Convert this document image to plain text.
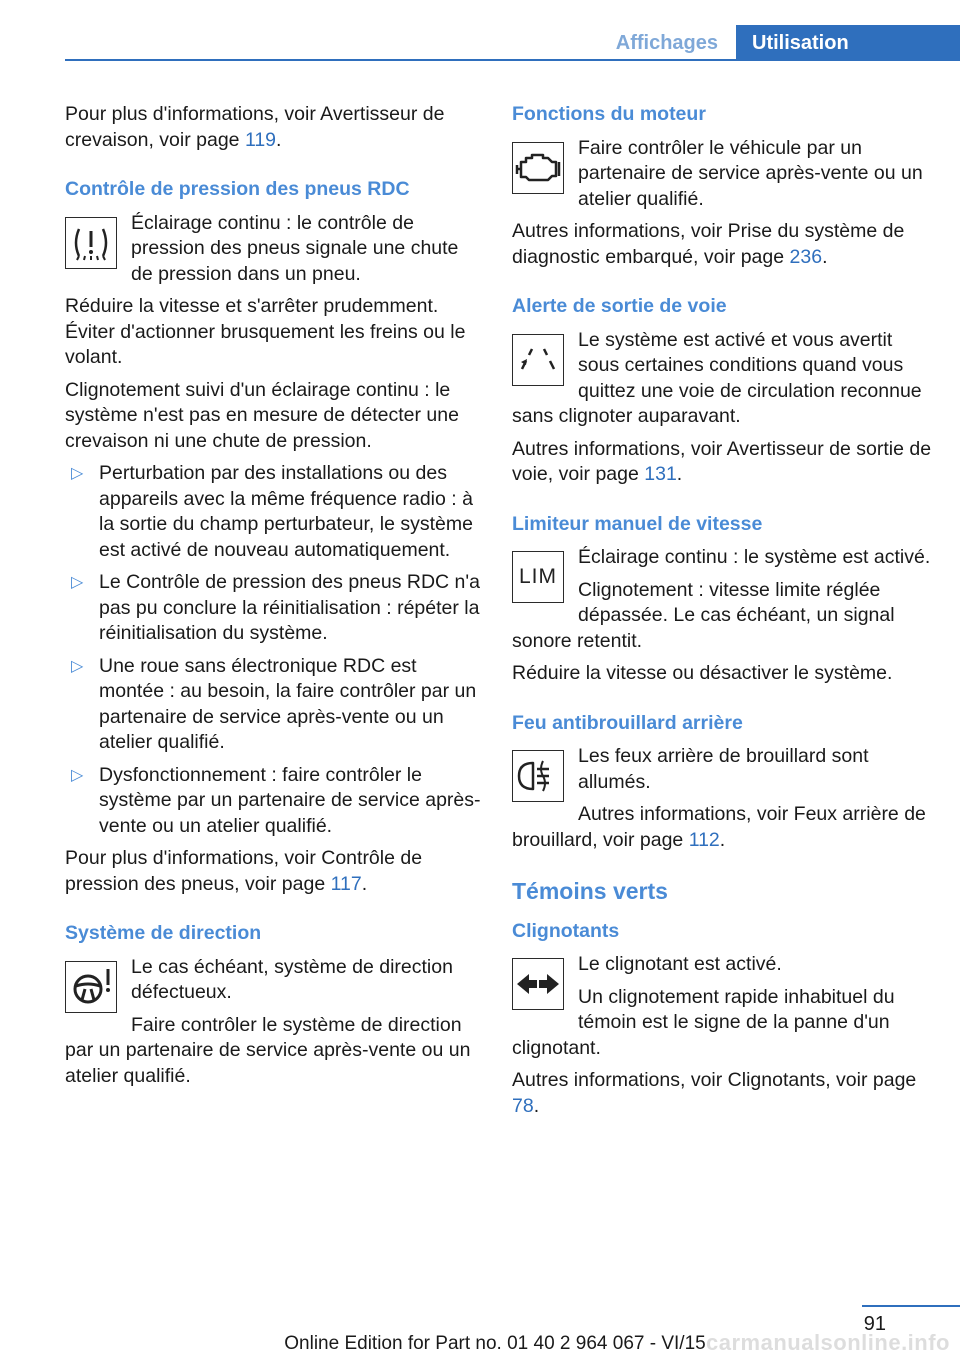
Affichages	Utilisation

Pour plus d'informations, voir Avertisseur de crevaison, voir page 119.

Contrôle de pression des pneus RDC

Éclairage continu : le contrôle de pression des pneus signale une chute de pression dans un pneu.

Réduire la vitesse et s'arrêter prudemment. Éviter d'actionner brusquement les freins ou le volant.

Clignotement suivi d'un éclairage continu : le système n'est pas en mesure de détecter une crevaison ni une chute de pression.

▷ Perturbation par des installations ou des appareils avec la même fréquence radio : à la sortie du champ perturbateur, le système est activé de nouveau automatiquement.
▷ Le Contrôle de pression des pneus RDC n'a pas pu conclure la réinitialisation : répéter la réinitialisation du système.
▷ Une roue sans électronique RDC est montée : au besoin, la faire contrôler par un partenaire de service après-vente ou un atelier qualifié.
▷ Dysfonctionnement : faire contrôler le système par un partenaire de service après-vente ou un atelier qualifié.

Pour plus d'informations, voir Contrôle de pression des pneus, voir page 117.

Système de direction

Le cas échéant, système de direction défectueux.

Faire contrôler le système de direction par un partenaire de service après-vente ou un atelier qualifié.

Fonctions du moteur

Faire contrôler le véhicule par un partenaire de service après-vente ou un atelier qualifié.

Autres informations, voir Prise du système de diagnostic embarqué, voir page 236.

Alerte de sortie de voie

Le système est activé et vous avertit sous certaines conditions quand vous quittez une voie de circulation reconnue sans clignoter auparavant.

Autres informations, voir Avertisseur de sortie de voie, voir page 131.

Limiteur manuel de vitesse
LIM

Éclairage continu : le système est activé.

Clignotement : vitesse limite réglée dépassée. Le cas échéant, un signal sonore retentit.

Réduire la vitesse ou désactiver le système.

Feu antibrouillard arrière

Les feux arrière de brouillard sont allumés.

Autres informations, voir Feux arrière de brouillard, voir page 112.

Témoins verts
Clignotants

Le clignotant est activé.

Un clignotement rapide inhabituel du témoin est le signe de la panne d'un clignotant.

Autres informations, voir Clignotants, voir page 78.

91
Online Edition for Part no. 01 40 2 964 067 - VI/15 carmanualsonline.info
